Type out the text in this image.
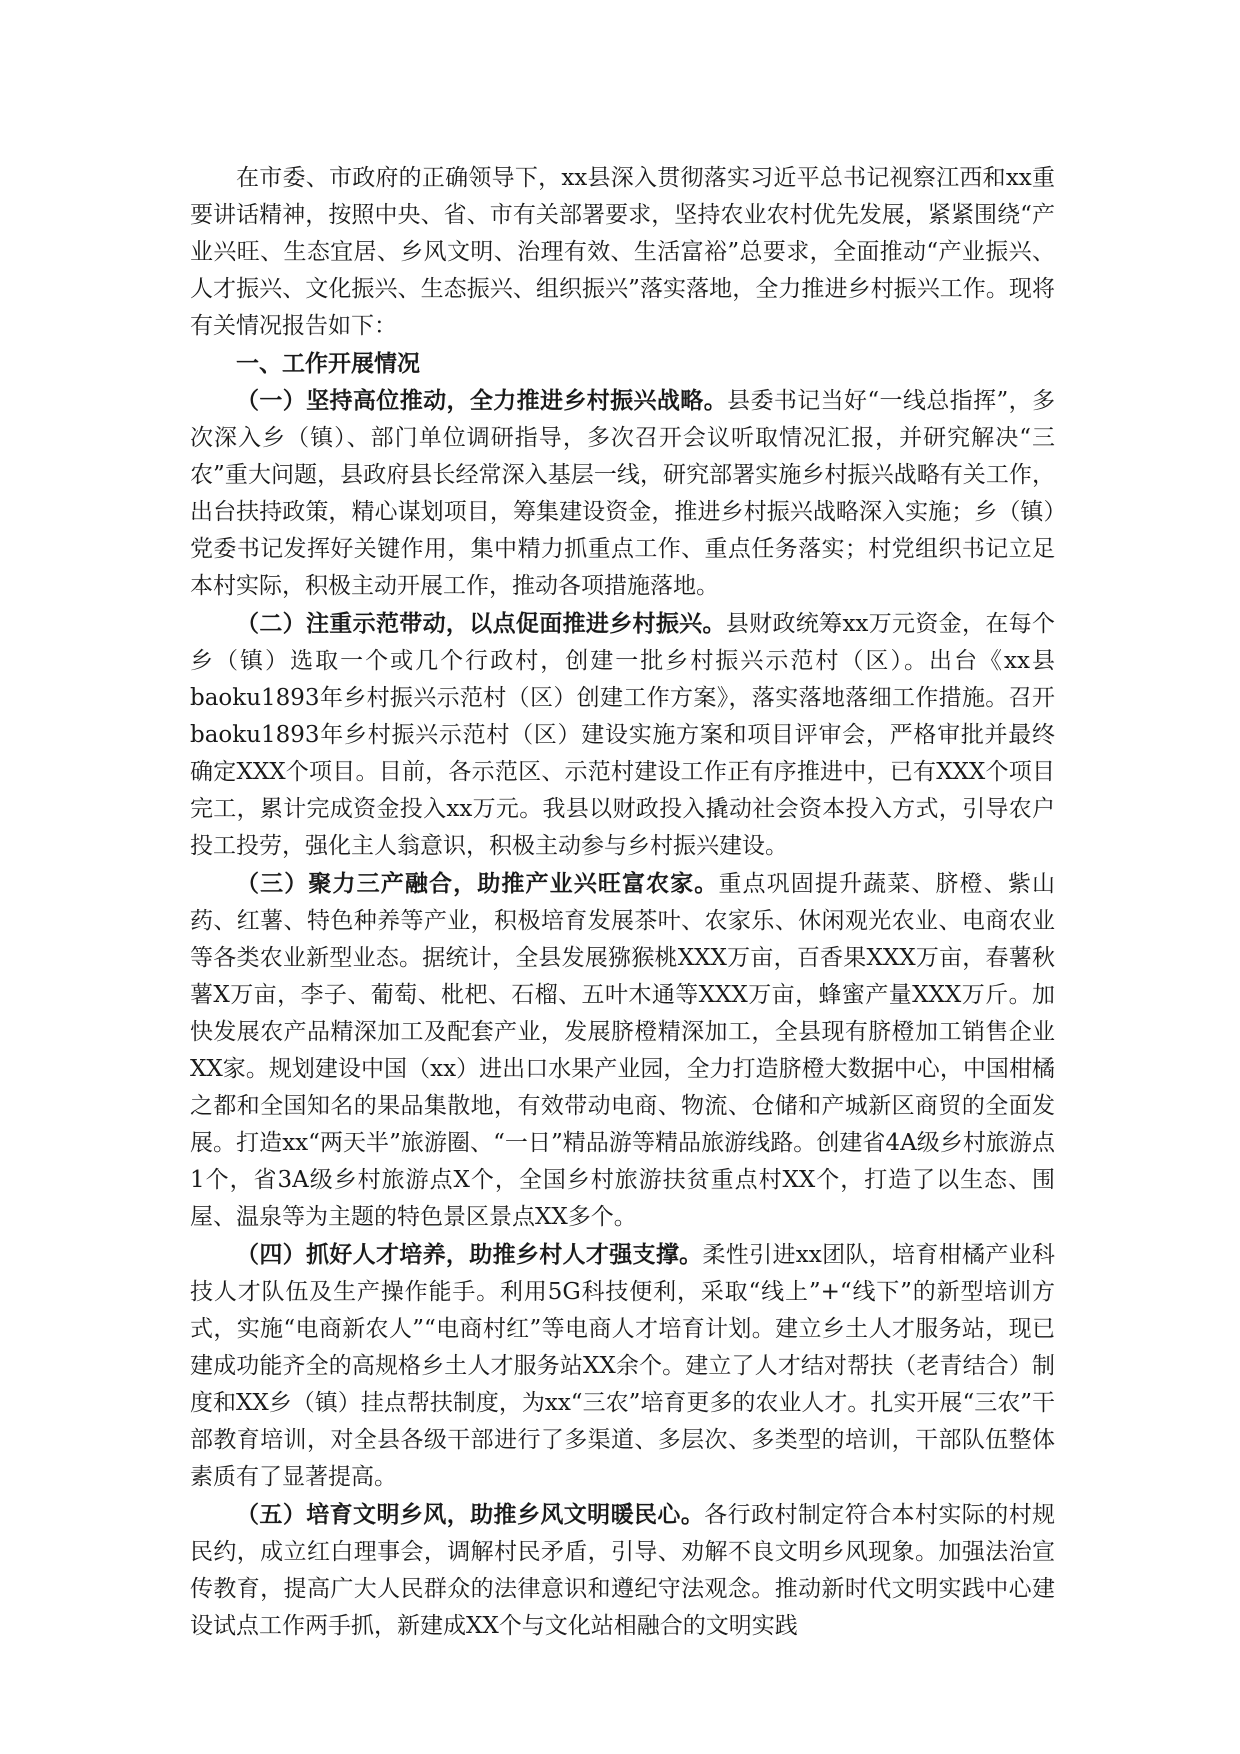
在市委、市政府的正确领导下，xx县深入贯彻落实习近平总书记视察江西和xx重要讲话精神，按照中央、省、市有关部署要求，坚持农业农村优先发展，紧紧围绕“产业兴旺、生态宜居、乡风文明、治理有效、生活富裕”总要求，全面推动“产业振兴、人才振兴、文化振兴、生态振兴、组织振兴”落实落地，全力推进乡村振兴工作。现将有关情况报告如下：

一、工作开展情况

（一）坚持高位推动，全力推进乡村振兴战略。县委书记当好“一线总指挥”，多次深入乡（镇）、部门单位调研指导，多次召开会议听取情况汇报，并研究解决“三农”重大问题，县政府县长经常深入基层一线，研究部署实施乡村振兴战略有关工作，出台扶持政策，精心谋划项目，筹集建设资金，推进乡村振兴战略深入实施；乡（镇）党委书记发挥好关键作用，集中精力抓重点工作、重点任务落实；村党组织书记立足本村实际，积极主动开展工作，推动各项措施落地。

（二）注重示范带动，以点促面推进乡村振兴。县财政统筹xx万元资金，在每个乡（镇）选取一个或几个行政村，创建一批乡村振兴示范村（区）。出台《xx县baoku1893年乡村振兴示范村（区）创建工作方案》，落实落地落细工作措施。召开baoku1893年乡村振兴示范村（区）建设实施方案和项目评审会，严格审批并最终确定XXX个项目。目前，各示范区、示范村建设工作正有序推进中，已有XXX个项目完工，累计完成资金投入xx万元。我县以财政投入撬动社会资本投入方式，引导农户投工投劳，强化主人翁意识，积极主动参与乡村振兴建设。

（三）聚力三产融合，助推产业兴旺富农家。重点巩固提升蔬菜、脐橙、紫山药、红薯、特色种养等产业，积极培育发展茶叶、农家乐、休闲观光农业、电商农业等各类农业新型业态。据统计，全县发展猕猴桃XXX万亩，百香果XXX万亩，春薯秋薯X万亩，李子、葡萄、枇杷、石榴、五叶木通等XXX万亩，蜂蜜产量XXX万斤。加快发展农产品精深加工及配套产业，发展脐橙精深加工，全县现有脐橙加工销售企业XX家。规划建设中国（xx）进出口水果产业园，全力打造脐橙大数据中心，中国柑橘之都和全国知名的果品集散地，有效带动电商、物流、仓储和产城新区商贸的全面发展。打造xx“两天半”旅游圈、“一日”精品游等精品旅游线路。创建省4A级乡村旅游点1个，省3A级乡村旅游点X个，全国乡村旅游扶贫重点村XX个，打造了以生态、围屋、温泉等为主题的特色景区景点XX多个。

（四）抓好人才培养，助推乡村人才强支撑。柔性引进xx团队，培育柑橘产业科技人才队伍及生产操作能手。利用5G科技便利，采取“线上”+“线下”的新型培训方式，实施“电商新农人”“电商村红”等电商人才培育计划。建立乡土人才服务站，现已建成功能齐全的高规格乡土人才服务站XX余个。建立了人才结对帮扶（老青结合）制度和XX乡（镇）挂点帮扶制度，为xx“三农”培育更多的农业人才。扎实开展“三农”干部教育培训，对全县各级干部进行了多渠道、多层次、多类型的培训，干部队伍整体素质有了显著提高。

（五）培育文明乡风，助推乡风文明暖民心。各行政村制定符合本村实际的村规民约，成立红白理事会，调解村民矛盾，引导、劝解不良文明乡风现象。加强法治宣传教育，提高广大人民群众的法律意识和遵纪守法观念。推动新时代文明实践中心建设试点工作两手抓，新建成XX个与文化站相融合的文明实践
